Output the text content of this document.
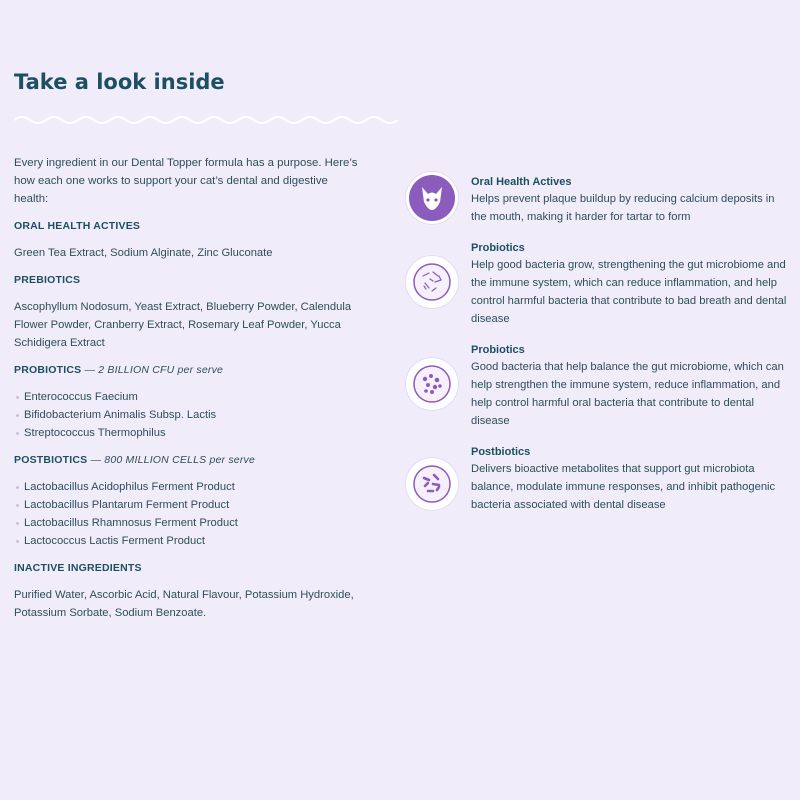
Take a look inside

Every ingredient in our Dental Topper formula has a purpose. Here’s how each one works to support your cat’s dental and digestive health:

ORAL HEALTH ACTIVES

Green Tea Extract, Sodium Alginate, Zinc Gluconate

PREBIOTICS

Ascophyllum Nodosum, Yeast Extract, Blueberry Powder, Calendula Flower Powder, Cranberry Extract, Rosemary Leaf Powder, Yucca Schidigera Extract

PROBIOTICS — 2 BILLION CFU per serve
Enterococcus Faecium
Bifidobacterium Animalis Subsp. Lactis
Streptococcus Thermophilus
POSTBIOTICS — 800 MILLION CELLS per serve
Lactobacillus Acidophilus Ferment Product
Lactobacillus Plantarum Ferment Product
Lactobacillus Rhamnosus Ferment Product
Lactococcus Lactis Ferment Product
INACTIVE INGREDIENTS

Purified Water, Ascorbic Acid, Natural Flavour, Potassium Hydroxide, Potassium Sorbate, Sodium Benzoate.

Oral Health Actives

Helps prevent plaque buildup by reducing calcium deposits in the mouth, making it harder for tartar to form

Probiotics

Help good bacteria grow, strengthening the gut microbiome and the immune system, which can reduce inflammation, and help control harmful bacteria that contribute to bad breath and dental disease

Probiotics

Good bacteria that help balance the gut microbiome, which can help strengthen the immune system, reduce inflammation, and help control harmful oral bacteria that contribute to dental disease

Postbiotics

Delivers bioactive metabolites that support gut microbiota balance, modulate immune responses, and inhibit pathogenic bacteria associated with dental disease
